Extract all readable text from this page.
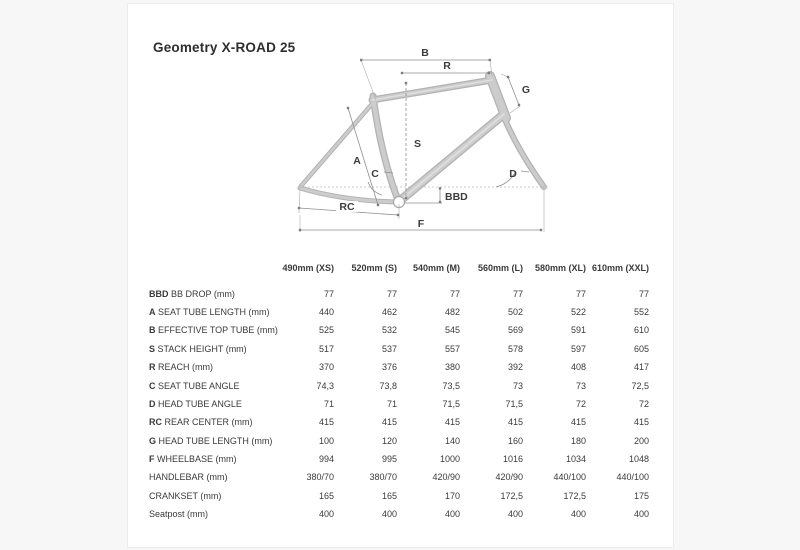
Geometry X-ROAD 25	B
R
G
S
A
C	D
BBD
RC
F
490mm (XS)	520mm (S)	540mm (M)	560mm (L)	580mm (XL) 610mm (XXL)
BBD BB DROP (mm)	77	77	77	77	77	77
A SEAT TUBE LENGTH (mm)	440	462	482	502	522	552
B EFFECTIVE TOP TUBE (mm)	525	532	545	569	591	610
S STACK HEIGHT (mm)	517	537	557	578	597	605
R REACH (mm)	370	376	380	392	408	417
C SEAT TUBE ANGLE	74,3	73,8	73,5	73	73	72,5
D HEAD TUBE ANGLE	71	71	71,5	71,5	72	72
RC REAR CENTER (mm)	415	415	415	415	415	415
G HEAD TUBE LENGTH (mm)	100	120	140	160	180	200
F WHEELBASE (mm)	994	995	1000	1016	1034	1048
HANDLEBAR (mm)	380/70	380/70	420/90	420/90	440/100	440/100
CRANKSET (mm)	165	165	170	172,5	172,5	175
Seatpost (mm)	400	400	400	400	400	400
